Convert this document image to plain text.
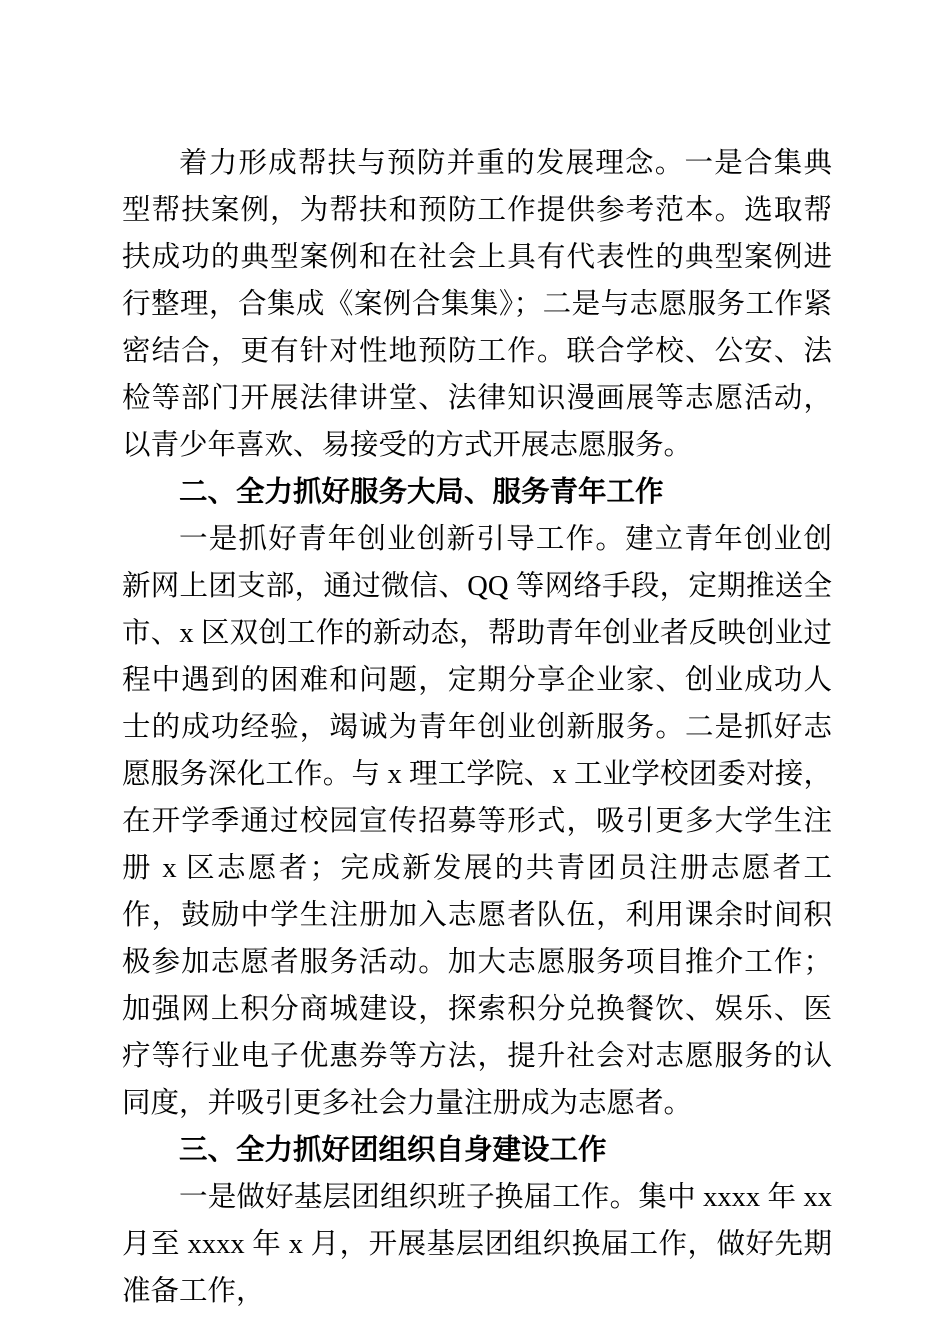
着力形成帮扶与预防并重的发展理念。一是合集典型帮扶案例，为帮扶和预防工作提供参考范本。选取帮扶成功的典型案例和在社会上具有代表性的典型案例进行整理，合集成《案例合集集》；二是与志愿服务工作紧密结合，更有针对性地预防工作。联合学校、公安、法检等部门开展法律讲堂、法律知识漫画展等志愿活动，以青少年喜欢、易接受的方式开展志愿服务。

二、全力抓好服务大局、服务青年工作

一是抓好青年创业创新引导工作。建立青年创业创新网上团支部，通过微信、QQ 等网络手段，定期推送全市、x 区双创工作的新动态，帮助青年创业者反映创业过程中遇到的困难和问题，定期分享企业家、创业成功人士的成功经验，竭诚为青年创业创新服务。二是抓好志愿服务深化工作。与 x 理工学院、x 工业学校团委对接，在开学季通过校园宣传招募等形式，吸引更多大学生注册 x 区志愿者；完成新发展的共青团员注册志愿者工作，鼓励中学生注册加入志愿者队伍，利用课余时间积极参加志愿者服务活动。加大志愿服务项目推介工作；加强网上积分商城建设，探索积分兑换餐饮、娱乐、医疗等行业电子优惠券等方法，提升社会对志愿服务的认同度，并吸引更多社会力量注册成为志愿者。

三、全力抓好团组织自身建设工作

一是做好基层团组织班子换届工作。集中 xxxx 年 xx 月至 xxxx 年 x 月，开展基层团组织换届工作，做好先期准备工作，
